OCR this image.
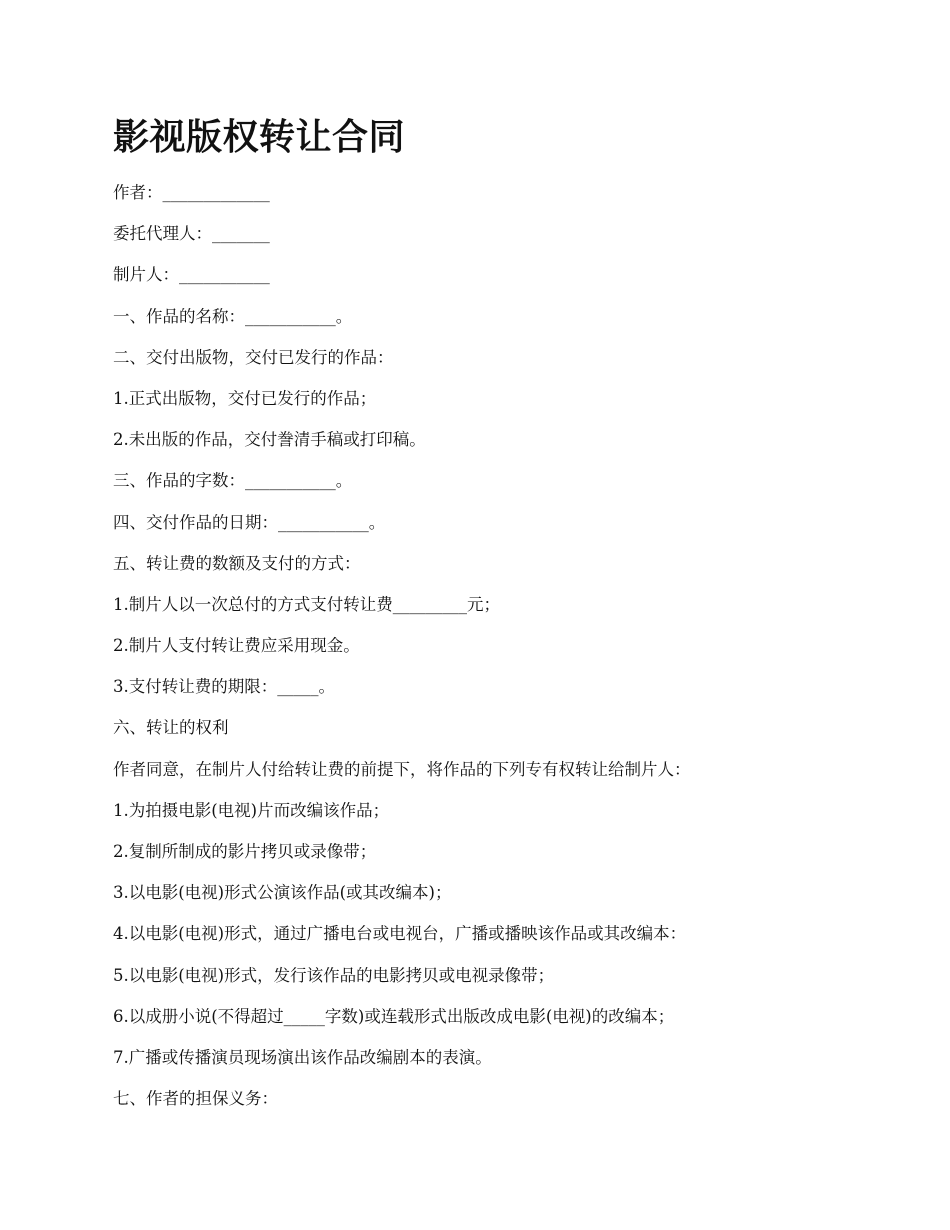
影视版权转让合同
作者：_____________
委托代理人：_______
制片人：___________
一、作品的名称：___________。
二、交付出版物，交付已发行的作品：
1.正式出版物，交付已发行的作品；
2.未出版的作品，交付誊清手稿或打印稿。
三、作品的字数：___________。
四、交付作品的日期：___________。
五、转让费的数额及支付的方式：
1.制片人以一次总付的方式支付转让费_________元；
2.制片人支付转让费应采用现金。
3.支付转让费的期限：_____。
六、转让的权利
作者同意，在制片人付给转让费的前提下，将作品的下列专有权转让给制片人：
1.为拍摄电影(电视)片而改编该作品；
2.复制所制成的影片拷贝或录像带；
3.以电影(电视)形式公演该作品(或其改编本)；
4.以电影(电视)形式，通过广播电台或电视台，广播或播映该作品或其改编本：
5.以电影(电视)形式，发行该作品的电影拷贝或电视录像带；
6.以成册小说(不得超过_____字数)或连载形式出版改成电影(电视)的改编本；
7.广播或传播演员现场演出该作品改编剧本的表演。
七、作者的担保义务：
